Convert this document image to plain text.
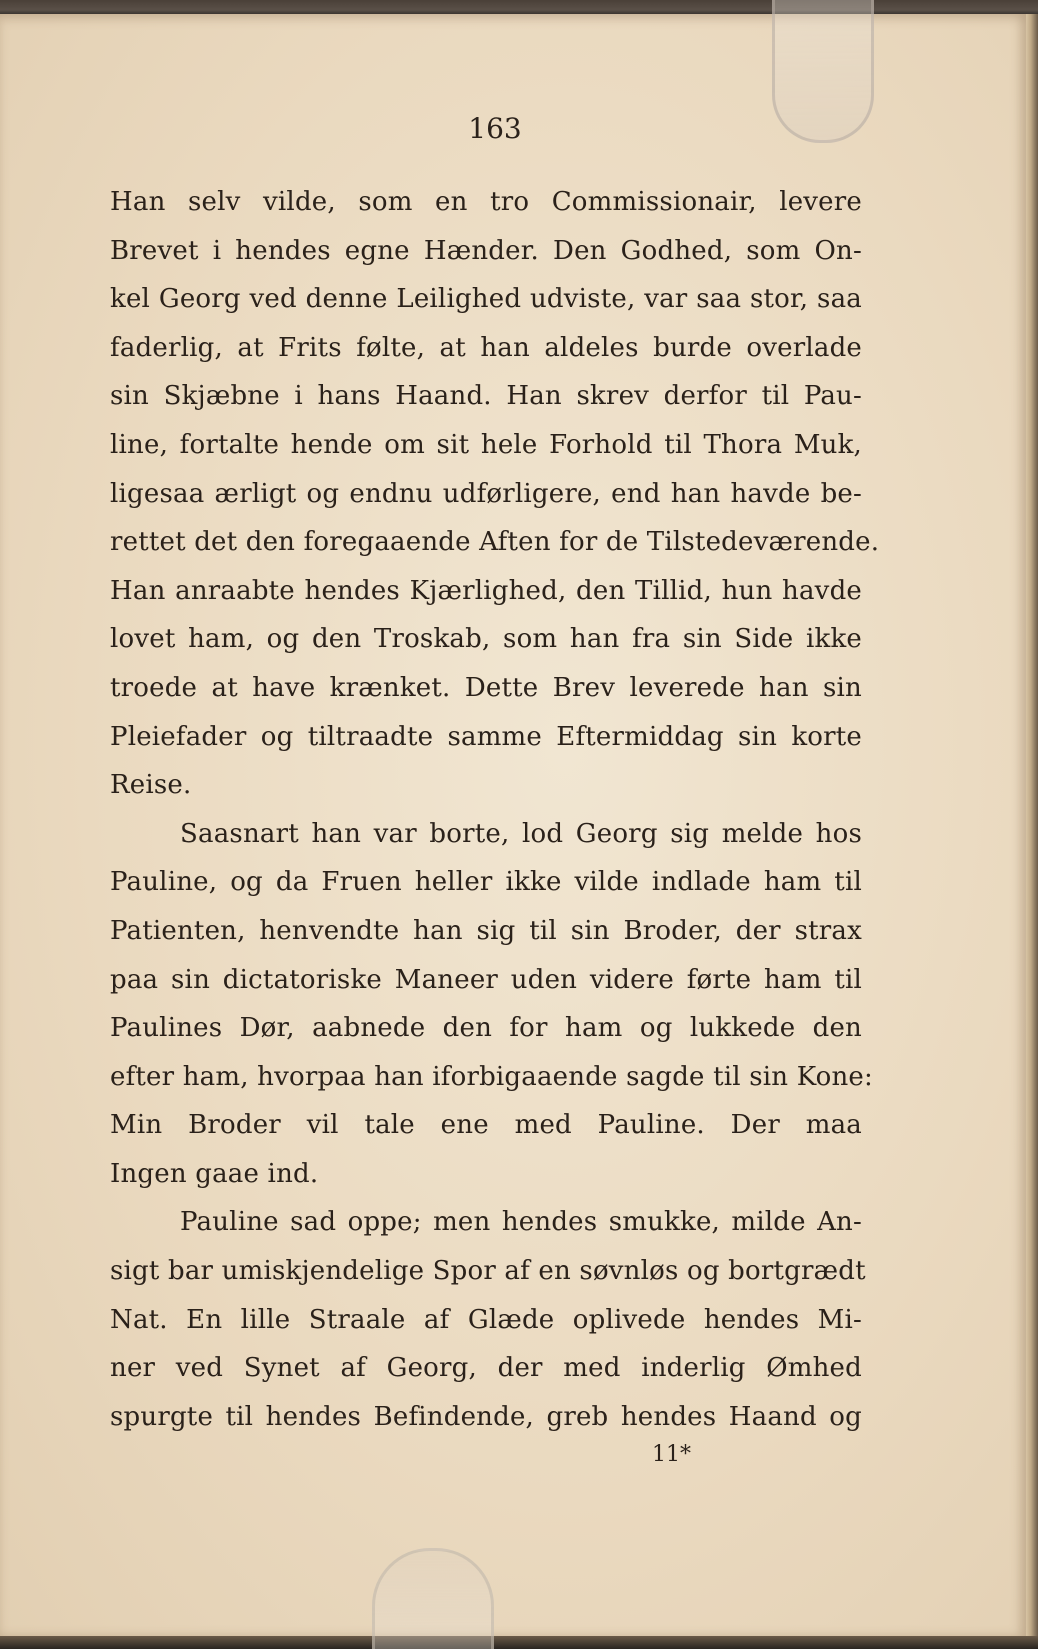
163

Han selv vilde, som en tro Commissionair, levere

Brevet i hendes egne Hænder. Den Godhed, som On-

kel Georg ved denne Leilighed udviste, var saa stor, saa

faderlig, at Frits følte, at han aldeles burde overlade

sin Skjæbne i hans Haand. Han skrev derfor til Pau-

line, fortalte hende om sit hele Forhold til Thora Muk,

ligesaa ærligt og endnu udførligere, end han havde be-

rettet det den foregaaende Aften for de Tilstedeværende.

Han anraabte hendes Kjærlighed, den Tillid, hun havde

lovet ham, og den Troskab, som han fra sin Side ikke

troede at have krænket. Dette Brev leverede han sin

Pleiefader og tiltraadte samme Eftermiddag sin korte

Reise.

Saasnart han var borte, lod Georg sig melde hos

Pauline, og da Fruen heller ikke vilde indlade ham til

Patienten, henvendte han sig til sin Broder, der strax

paa sin dictatoriske Maneer uden videre førte ham til

Paulines Dør, aabnede den for ham og lukkede den

efter ham, hvorpaa han iforbigaaende sagde til sin Kone:

Min Broder vil tale ene med Pauline. Der maa

Ingen gaae ind.

Pauline sad oppe; men hendes smukke, milde An-

sigt bar umiskjendelige Spor af en søvnløs og bortgrædt

Nat. En lille Straale af Glæde oplivede hendes Mi-

ner ved Synet af Georg, der med inderlig Ømhed

spurgte til hendes Befindende, greb hendes Haand og

11*
